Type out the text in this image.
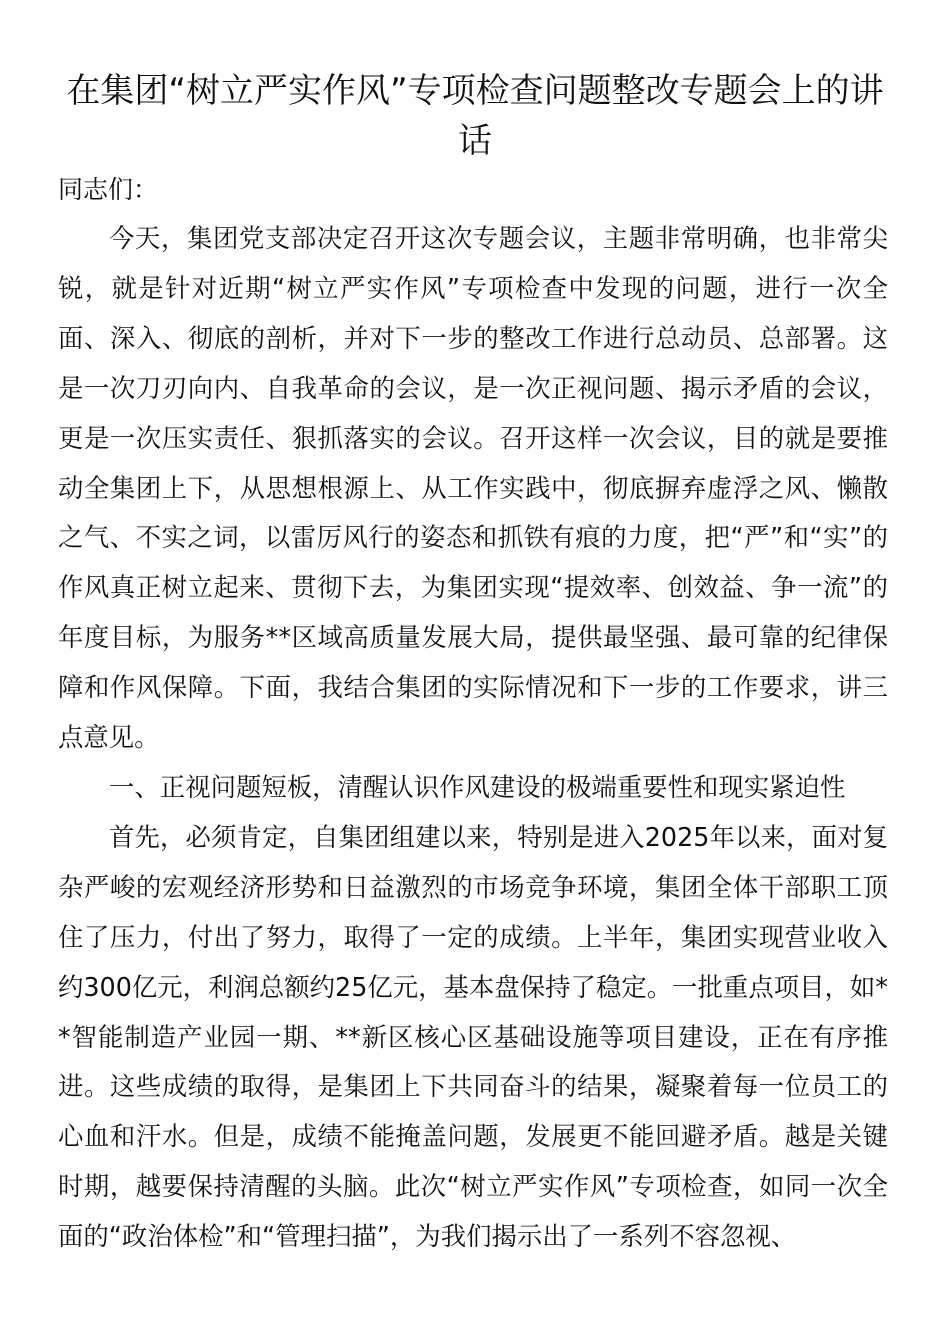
在集团“树立严实作风”专项检查问题整改专题会上的讲话

同志们：

今天，集团党支部决定召开这次专题会议，主题非常明确，也非常尖锐，就是针对近期“树立严实作风”专项检查中发现的问题，进行一次全面、深入、彻底的剖析，并对下一步的整改工作进行总动员、总部署。这是一次刀刃向内、自我革命的会议，是一次正视问题、揭示矛盾的会议，更是一次压实责任、狠抓落实的会议。召开这样一次会议，目的就是要推动全集团上下，从思想根源上、从工作实践中，彻底摒弃虚浮之风、懒散之气、不实之词，以雷厉风行的姿态和抓铁有痕的力度，把“严”和“实”的作风真正树立起来、贯彻下去，为集团实现“提效率、创效益、争一流”的年度目标，为服务**区域高质量发展大局，提供最坚强、最可靠的纪律保障和作风保障。下面，我结合集团的实际情况和下一步的工作要求，讲三点意见。

一、正视问题短板，清醒认识作风建设的极端重要性和现实紧迫性

首先，必须肯定，自集团组建以来，特别是进入2025年以来，面对复杂严峻的宏观经济形势和日益激烈的市场竞争环境，集团全体干部职工顶住了压力，付出了努力，取得了一定的成绩。上半年，集团实现营业收入约300亿元，利润总额约25亿元，基本盘保持了稳定。一批重点项目，如**智能制造产业园一期、**新区核心区基础设施等项目建设，正在有序推进。这些成绩的取得，是集团上下共同奋斗的结果，凝聚着每一位员工的心血和汗水。但是，成绩不能掩盖问题，发展更不能回避矛盾。越是关键时期，越要保持清醒的头脑。此次“树立严实作风”专项检查，如同一次全面的“政治体检”和“管理扫描”，为我们揭示出了一系列不容忽视、
